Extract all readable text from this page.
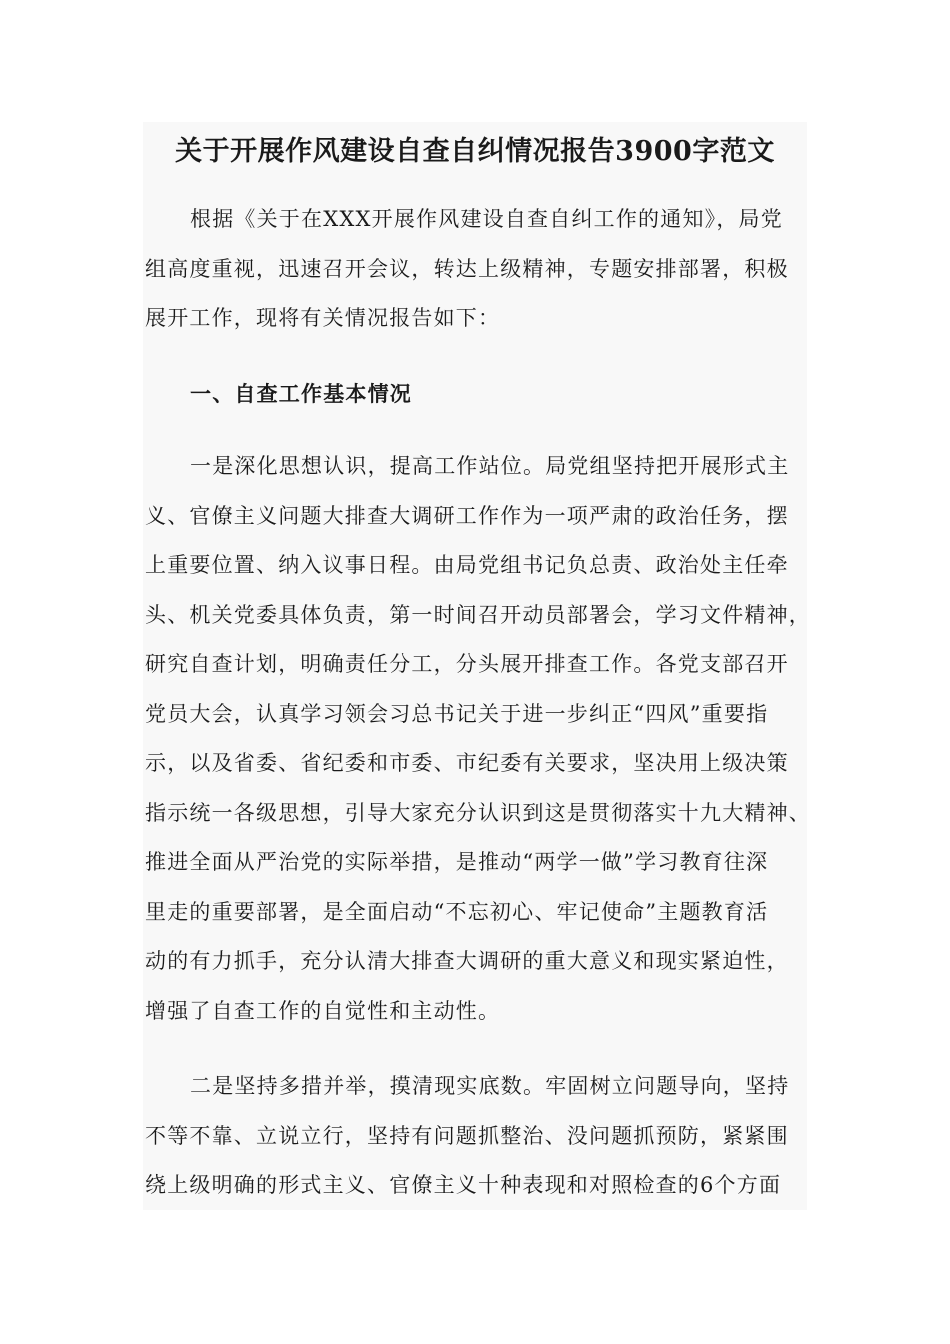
关于开展作风建设自查自纠情况报告3900字范文
根据《关于在XXX开展作风建设自查自纠工作的通知》，局党
组高度重视，迅速召开会议，转达上级精神，专题安排部署，积极
展开工作，现将有关情况报告如下：
一、自查工作基本情况
一是深化思想认识，提高工作站位。局党组坚持把开展形式主
义、官僚主义问题大排查大调研工作作为一项严肃的政治任务，摆
上重要位置、纳入议事日程。由局党组书记负总责、政治处主任牵
头、机关党委具体负责，第一时间召开动员部署会，学习文件精神，
研究自查计划，明确责任分工，分头展开排查工作。各党支部召开
党员大会，认真学习领会习总书记关于进一步纠正“四风”重要指
示，以及省委、省纪委和市委、市纪委有关要求，坚决用上级决策
指示统一各级思想，引导大家充分认识到这是贯彻落实十九大精神、
推进全面从严治党的实际举措，是推动“两学一做”学习教育往深
里走的重要部署，是全面启动“不忘初心、牢记使命”主题教育活
动的有力抓手，充分认清大排查大调研的重大意义和现实紧迫性，
增强了自查工作的自觉性和主动性。
二是坚持多措并举，摸清现实底数。牢固树立问题导向，坚持
不等不靠、立说立行，坚持有问题抓整治、没问题抓预防，紧紧围
绕上级明确的形式主义、官僚主义十种表现和对照检查的6个方面
